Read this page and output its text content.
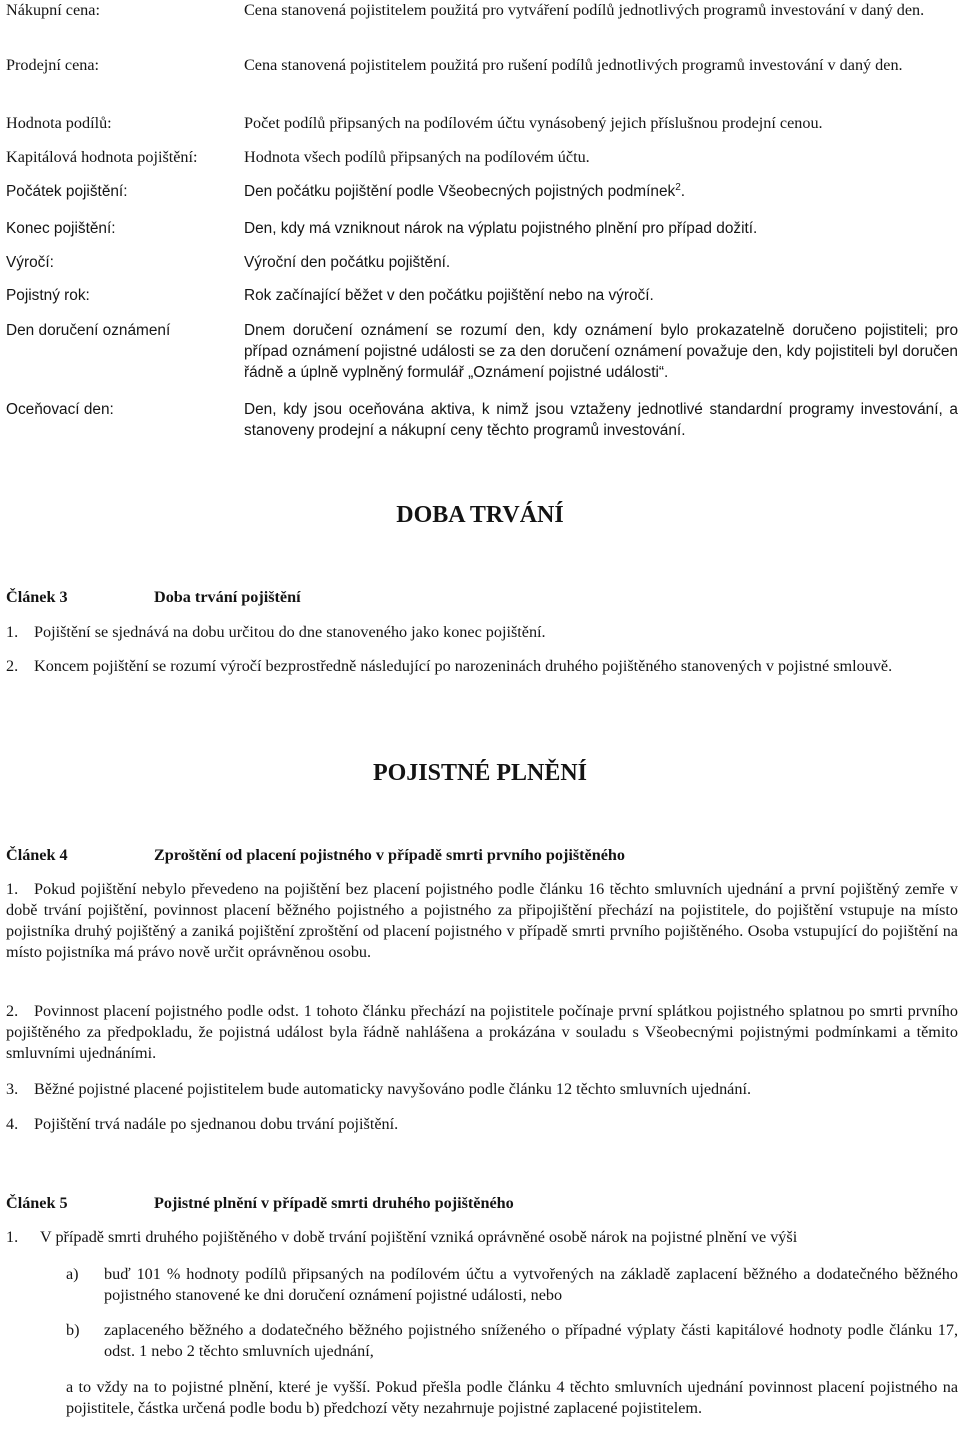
Nákupní cena:	Cena stanovená pojistitelem použitá pro vytváření podílů jednotlivých programů investování v daný den.
Prodejní cena:	Cena stanovená pojistitelem použitá pro rušení podílů jednotlivých programů investování v daný den.
Hodnota podílů:	Počet podílů připsaných na podílovém účtu vynásobený jejich příslušnou prodejní cenou.
Kapitálová hodnota pojištění:	Hodnota všech podílů připsaných na podílovém účtu.
Počátek pojištění:	Den počátku pojištění podle Všeobecných pojistných podmínek$^2$.
Konec pojištění:	Den, kdy má vzniknout nárok na výplatu pojistného plnění pro případ dožití.
Výročí:	Výroční den počátku pojištění.
Pojistný rok:	Rok začínající běžet v den počátku pojištění nebo na výročí.
Den doručení oznámení	Dnem doručení oznámení se rozumí den, kdy oznámení bylo prokazatelně doručeno pojistiteli; pro případ oznámení pojistné události se za den doručení oznámení považuje den, kdy pojistiteli byl doručen řádně a úplně vyplněný formulář „Oznámení pojistné události“.
Oceňovací den:	Den, kdy jsou oceňována aktiva, k nimž jsou vztaženy jednotlivé standardní programy investování, a stanoveny prodejní a nákupní ceny těchto programů investování.
DOBA TRVÁNÍ
Článek 3	Doba trvání pojištění
1. Pojištění se sjednává na dobu určitou do dne stanoveného jako konec pojištění.
2. Koncem pojištění se rozumí výročí bezprostředně následující po narozeninách druhého pojištěného stanovených v pojistné smlouvě.
POJISTNÉ PLNĚNÍ
Článek 4	Zproštění od placení pojistného v případě smrti prvního pojištěného
1. Pokud pojištění nebylo převedeno na pojištění bez placení pojistného podle článku 16 těchto smluvních ujednání a první pojištěný zemře v době trvání pojištění, povinnost placení běžného pojistného a pojistného za připojištění přechází na pojistitele, do pojištění vstupuje na místo pojistníka druhý pojištěný a zaniká pojištění zproštění od placení pojistného v případě smrti prvního pojištěného. Osoba vstupující do pojištění na místo pojistníka má právo nově určit oprávněnou osobu.
2. Povinnost placení pojistného podle odst. 1 tohoto článku přechází na pojistitele počínaje první splátkou pojistného splatnou po smrti prvního pojištěného za předpokladu, že pojistná událost byla řádně nahlášena a prokázána v souladu s Všeobecnými pojistnými podmínkami a těmito smluvními ujednáními.
3. Běžné pojistné placené pojistitelem bude automaticky navyšováno podle článku 12 těchto smluvních ujednání.
4. Pojištění trvá nadále po sjednanou dobu trvání pojištění.
Článek 5	Pojistné plnění v případě smrti druhého pojištěného
1. V případě smrti druhého pojištěného v době trvání pojištění vzniká oprávněné osobě nárok na pojistné plnění ve výši
a) buď 101 % hodnoty podílů připsaných na podílovém účtu a vytvořených na základě zaplacení běžného a dodatečného běžného pojistného stanovené ke dni doručení oznámení pojistné události, nebo
b) zaplaceného běžného a dodatečného běžného pojistného sníženého o případné výplaty části kapitálové hodnoty podle článku 17, odst. 1 nebo 2 těchto smluvních ujednání,
a to vždy na to pojistné plnění, které je vyšší. Pokud přešla podle článku 4 těchto smluvních ujednání povinnost placení pojistného na pojistitele, částka určená podle bodu b) předchozí věty nezahrnuje pojistné zaplacené pojistitelem.
